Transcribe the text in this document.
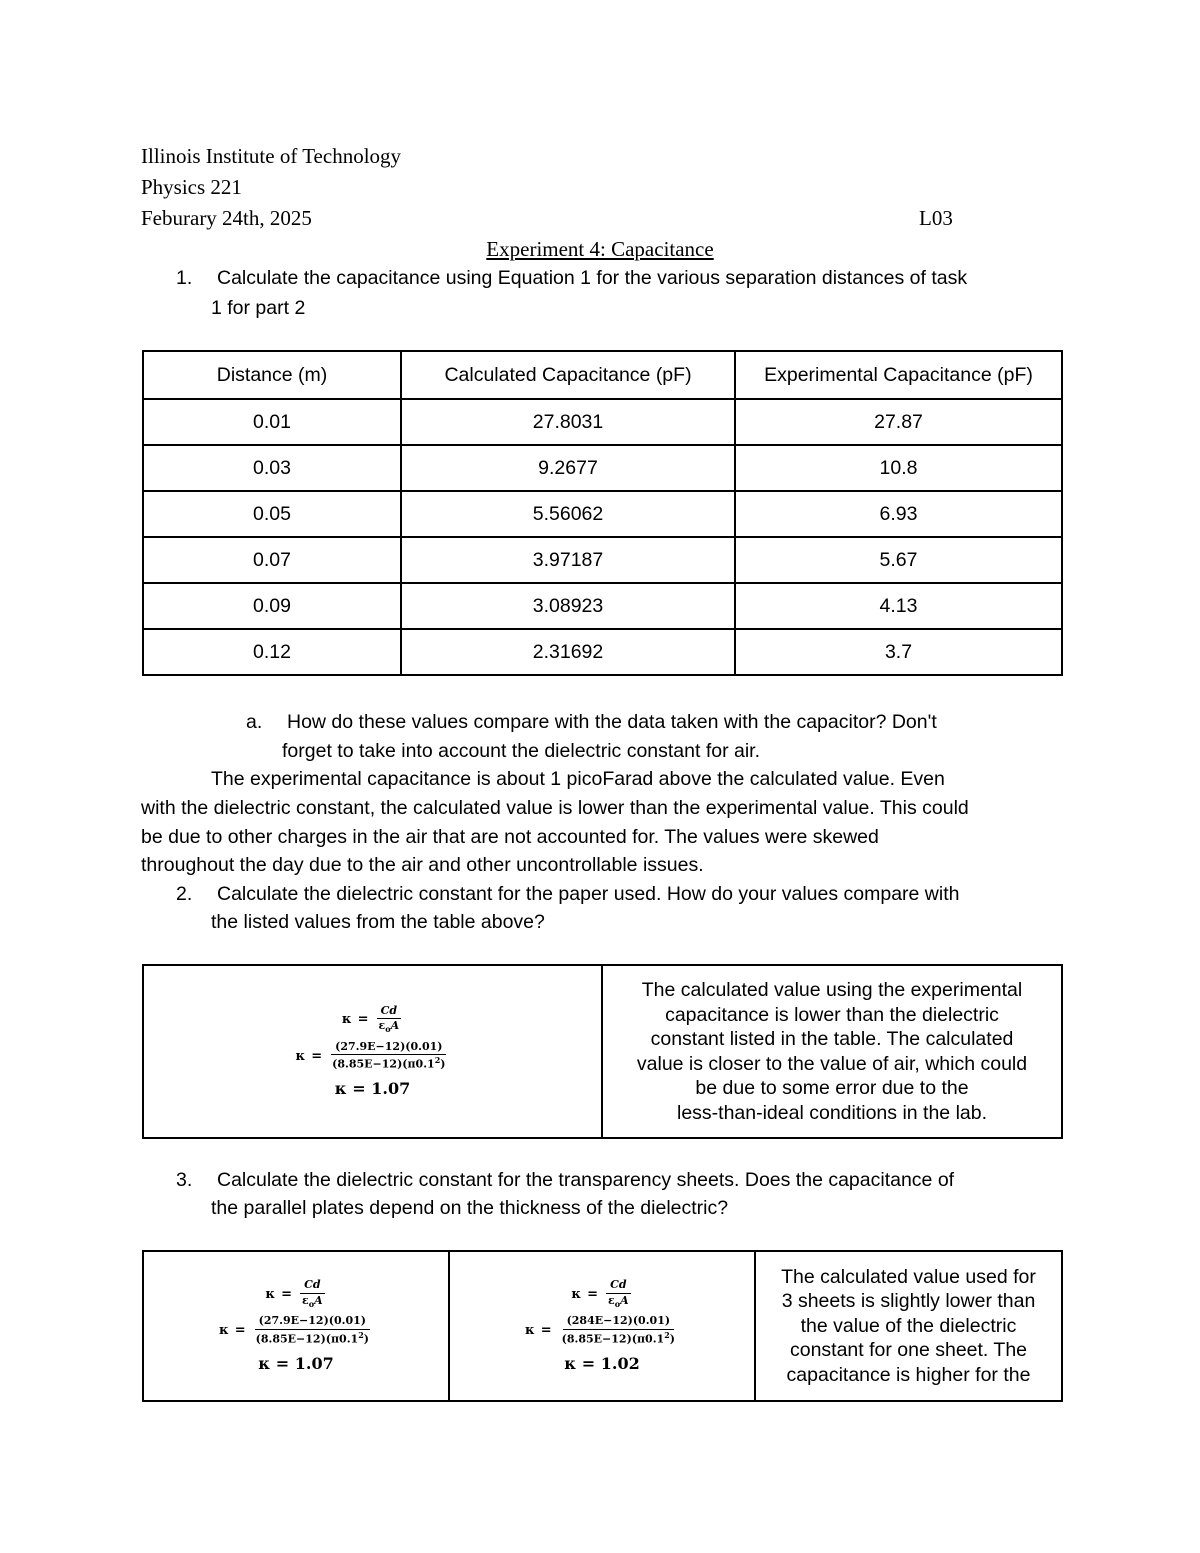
Illinois Institute of Technology
Physics 221
Feburary 24th, 2025	L03
Experiment 4: Capacitance
1. Calculate the capacitance using Equation 1 for the various separation distances of task
1 for part 2
Distance (m)	Calculated Capacitance (pF)	Experimental Capacitance (pF)
0.01	27.8031	27.87
0.03	9.2677	10.8
0.05	5.56062	6.93
0.07	3.97187	5.67
0.09	3.08923	4.13
0.12	2.31692	3.7
a. How do these values compare with the data taken with the capacitor? Don't
forget to take into account the dielectric constant for air.
The experimental capacitance is about 1 picoFarad above the calculated value. Even
with the dielectric constant, the calculated value is lower than the experimental value. This could
be due to other charges in the air that are not accounted for. The values were skewed
throughout the day due to the air and other uncontrollable issues.
2. Calculate the dielectric constant for the paper used. How do your values compare with
the listed values from the table above?
$\kappa = \frac{Cd}{\varepsilon_oA}$
$\kappa = \frac{(27.9E-12)(0.01)}{(8.85E-12)(\pi 0.1^2)}$
κ = 1.07

The calculated value using the experimental
capacitance is lower than the dielectric
constant listed in the table. The calculated
value is closer to the value of air, which could
be due to some error due to the
less-than-ideal conditions in the lab.
3. Calculate the dielectric constant for the transparency sheets. Does the capacitance of
the parallel plates depend on the thickness of the dielectric?
$\kappa = \frac{Cd}{\varepsilon_oA}$
$\kappa = \frac{(27.9E-12)(0.01)}{(8.85E-12)(\pi 0.1^2)}$
κ = 1.07

$\kappa = \frac{Cd}{\varepsilon_oA}$
$\kappa = \frac{(284E-12)(0.01)}{(8.85E-12)(\pi 0.1^2)}$
κ = 1.02

The calculated value used for
3 sheets is slightly lower than
the value of the dielectric
constant for one sheet. The
capacitance is higher for the
